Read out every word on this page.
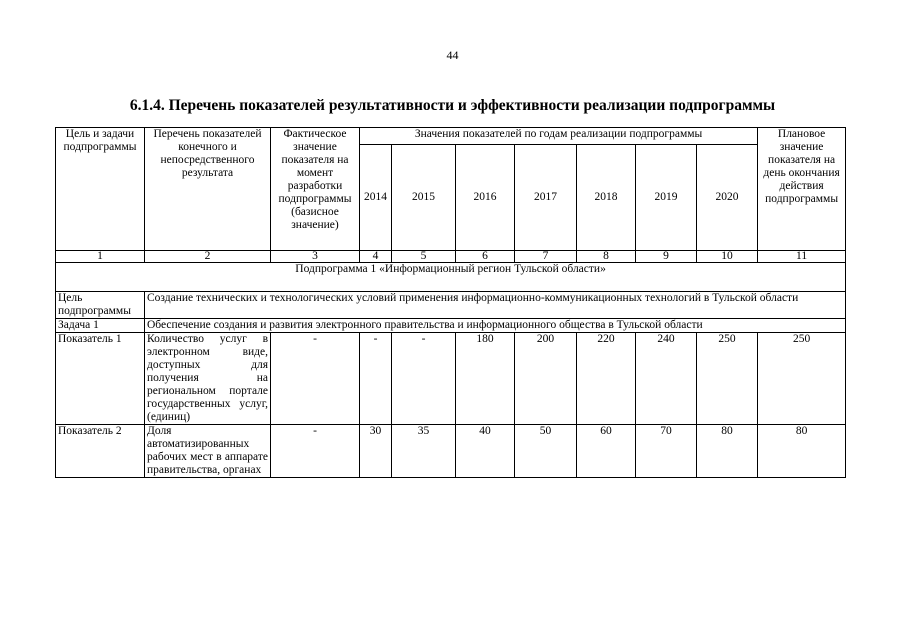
44
6.1.4. Перечень показателей результативности и эффективности реализации подпрограммы
Цель и задачи подпрограммы	Перечень показателей конечного и непосредственного результата	Фактическое значение показателя на момент разработки подпрограммы (базисное значение)	Значения показателей по годам реализации подпрограммы							Плановое значение показателя на день окончания действия подпрограммы
			2014	2015	2016	2017	2018	2019	2020	
1	2	3	4	5	6	7	8	9	10	11
Подпрограмма 1 «Информационный регион Тульской области»										
Цель подпрограммы	Создание технических и технологических условий применения информационно-коммуникационных технологий в Тульской области									
Задача 1	Обеспечение создания и развития электронного правительства и информационного общества в Тульской области									
Показатель 1	Количество услуг в электронном виде, доступных для получения на региональном портале государственных услуг, (единиц)	-	-	-	180	200	220	240	250	250
Показатель 2	Доля автоматизированных рабочих мест в аппарате правительства, органах	-	30	35	40	50	60	70	80	80
